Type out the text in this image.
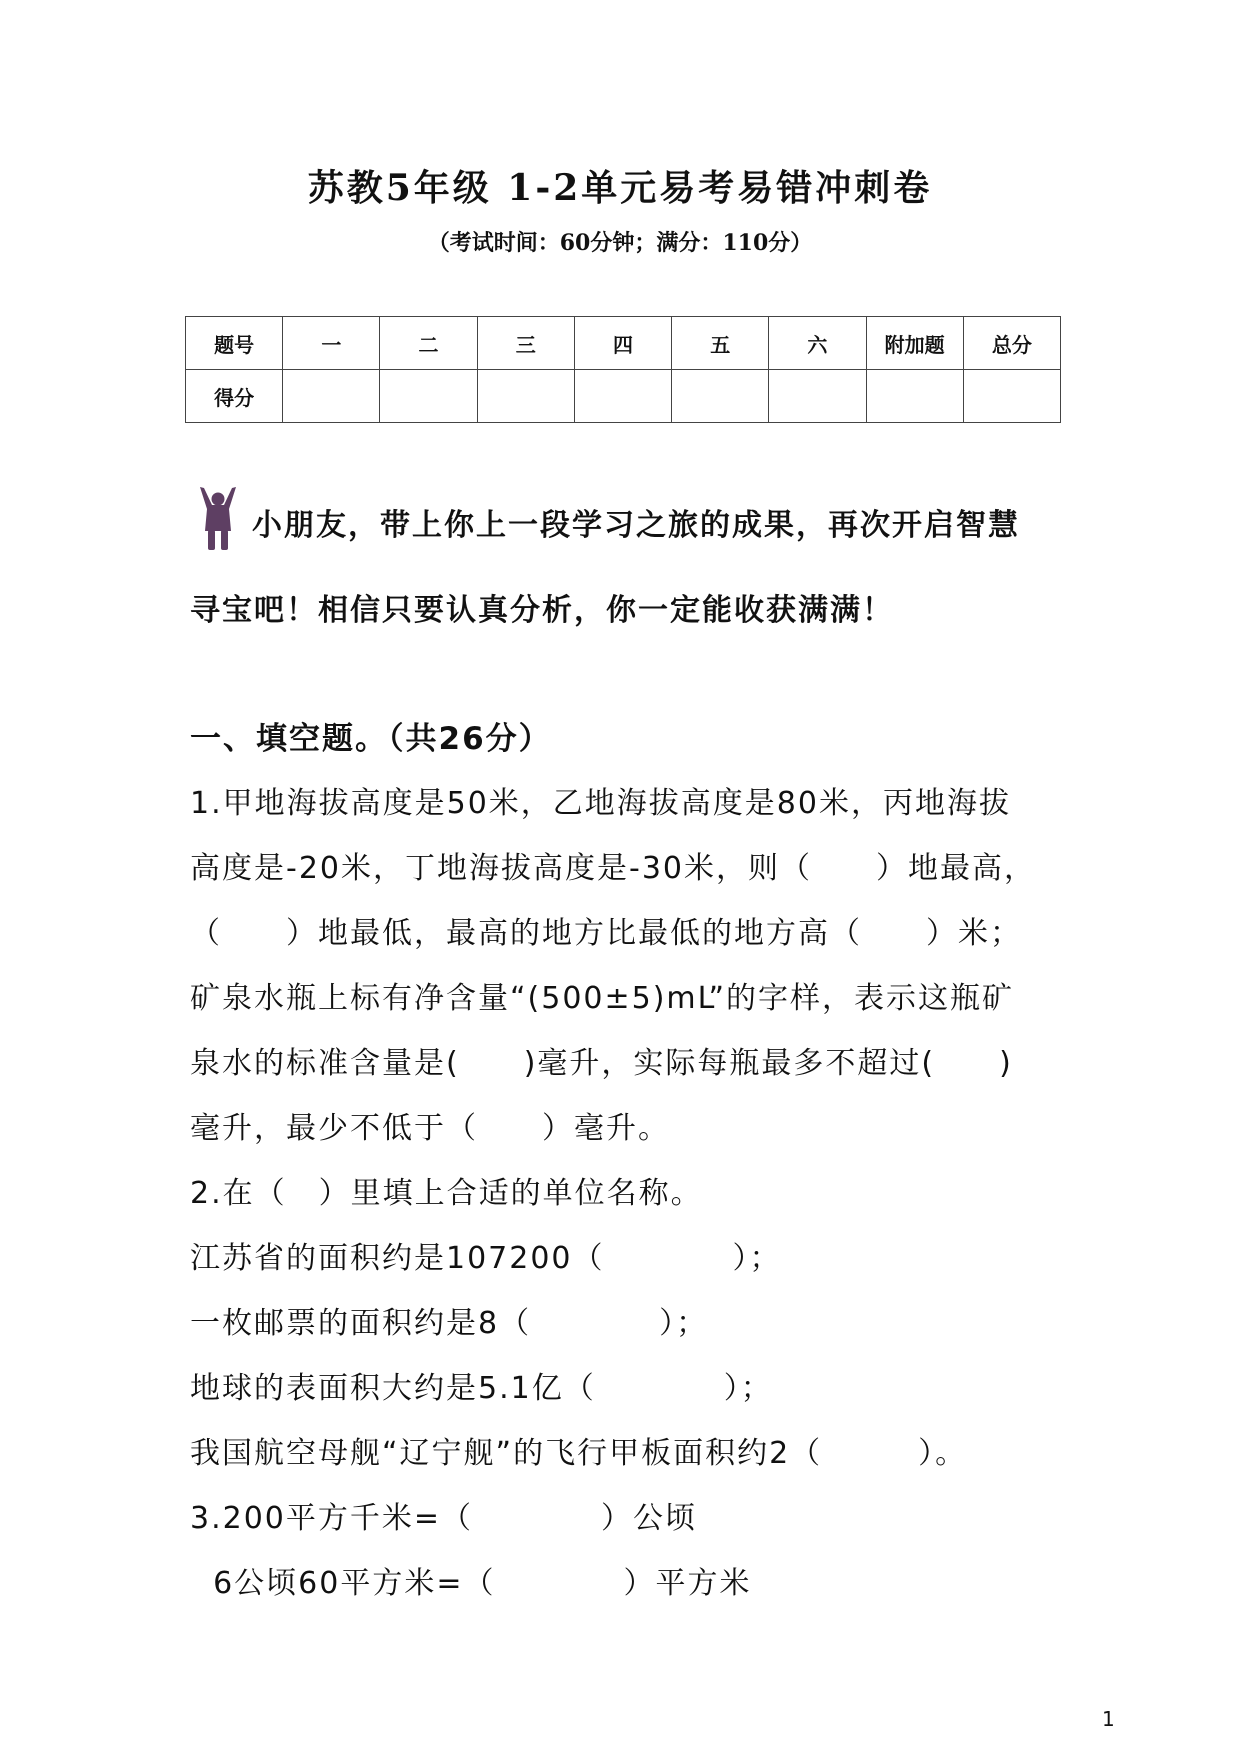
苏教5年级 1-2单元易考易错冲刺卷
（考试时间：60分钟；满分：110分）
题号	一	二	三	四	五	六	附加题	总分
得分								
小朋友，带上你上一段学习之旅的成果，再次开启智慧
寻宝吧！相信只要认真分析，你一定能收获满满！
一、填空题。（共26分）
1.甲地海拔高度是50米，乙地海拔高度是80米，丙地海拔
高度是-20米，丁地海拔高度是-30米，则（　　）地最高，
（　　）地最低，最高的地方比最低的地方高（　　）米；
矿泉水瓶上标有净含量“(500±5)mL”的字样，表示这瓶矿
泉水的标准含量是(　　)毫升，实际每瓶最多不超过(　　)
毫升，最少不低于（　　）毫升。
2.在（　）里填上合适的单位名称。
江苏省的面积约是107200（　　　　）；
一枚邮票的面积约是8（　　　　）；
地球的表面积大约是5.1亿（　　　　）；
我国航空母舰“辽宁舰”的飞行甲板面积约2（　　　）。
3.200平方千米=（　　　　）公顷
6公顷60平方米=（　　　　）平方米
1
